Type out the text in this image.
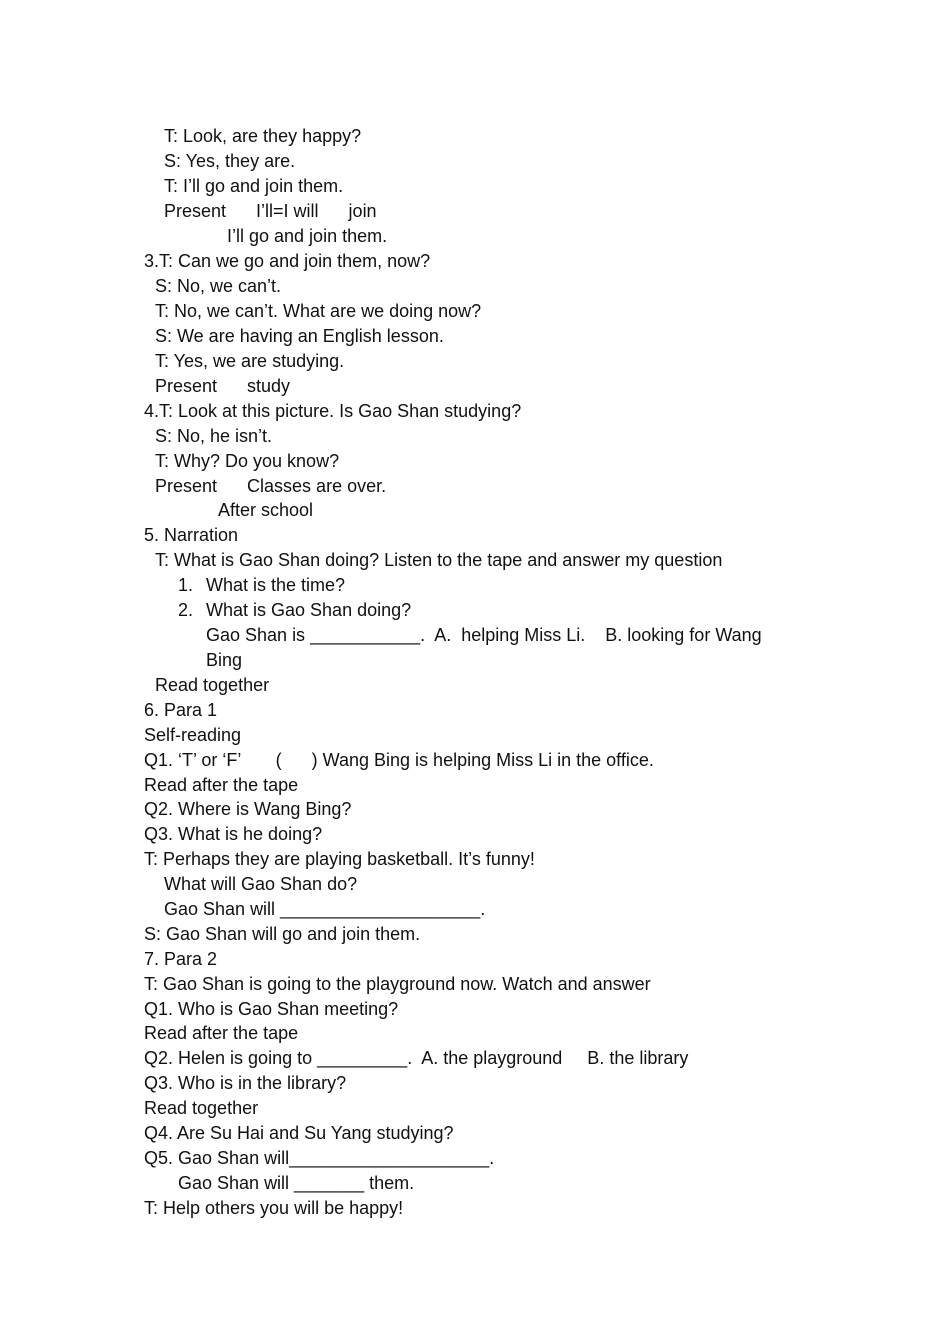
T: Look, are they happy?

S: Yes, they are.

T: I’ll go and join them.

Present      I’ll=I will      join

I’ll go and join them.

3.T: Can we go and join them, now?

S: No, we can’t.

T: No, we can’t. What are we doing now?

S: We are having an English lesson.

T: Yes, we are studying.

Present      study

4.T: Look at this picture. Is Gao Shan studying?

S: No, he isn’t.

T: Why? Do you know?

Present      Classes are over.

After school

5. Narration

T: What is Gao Shan doing? Listen to the tape and answer my question

1. What is the time?

2. What is Gao Shan doing?

Gao Shan is ___________.  A.  helping Miss Li.    B. looking for Wang

Bing

Read together

6. Para 1

Self-reading

Q1. ‘T’ or ‘F’       (      ) Wang Bing is helping Miss Li in the office.

Read after the tape

Q2. Where is Wang Bing?

Q3. What is he doing?

T: Perhaps they are playing basketball. It’s funny!

What will Gao Shan do?

Gao Shan will ____________________.

S: Gao Shan will go and join them.

7. Para 2

T: Gao Shan is going to the playground now. Watch and answer

Q1. Who is Gao Shan meeting?

Read after the tape

Q2. Helen is going to _________.  A. the playground     B. the library

Q3. Who is in the library?

Read together

Q4. Are Su Hai and Su Yang studying?

Q5. Gao Shan will____________________.

Gao Shan will _______ them.

T: Help others you will be happy!
